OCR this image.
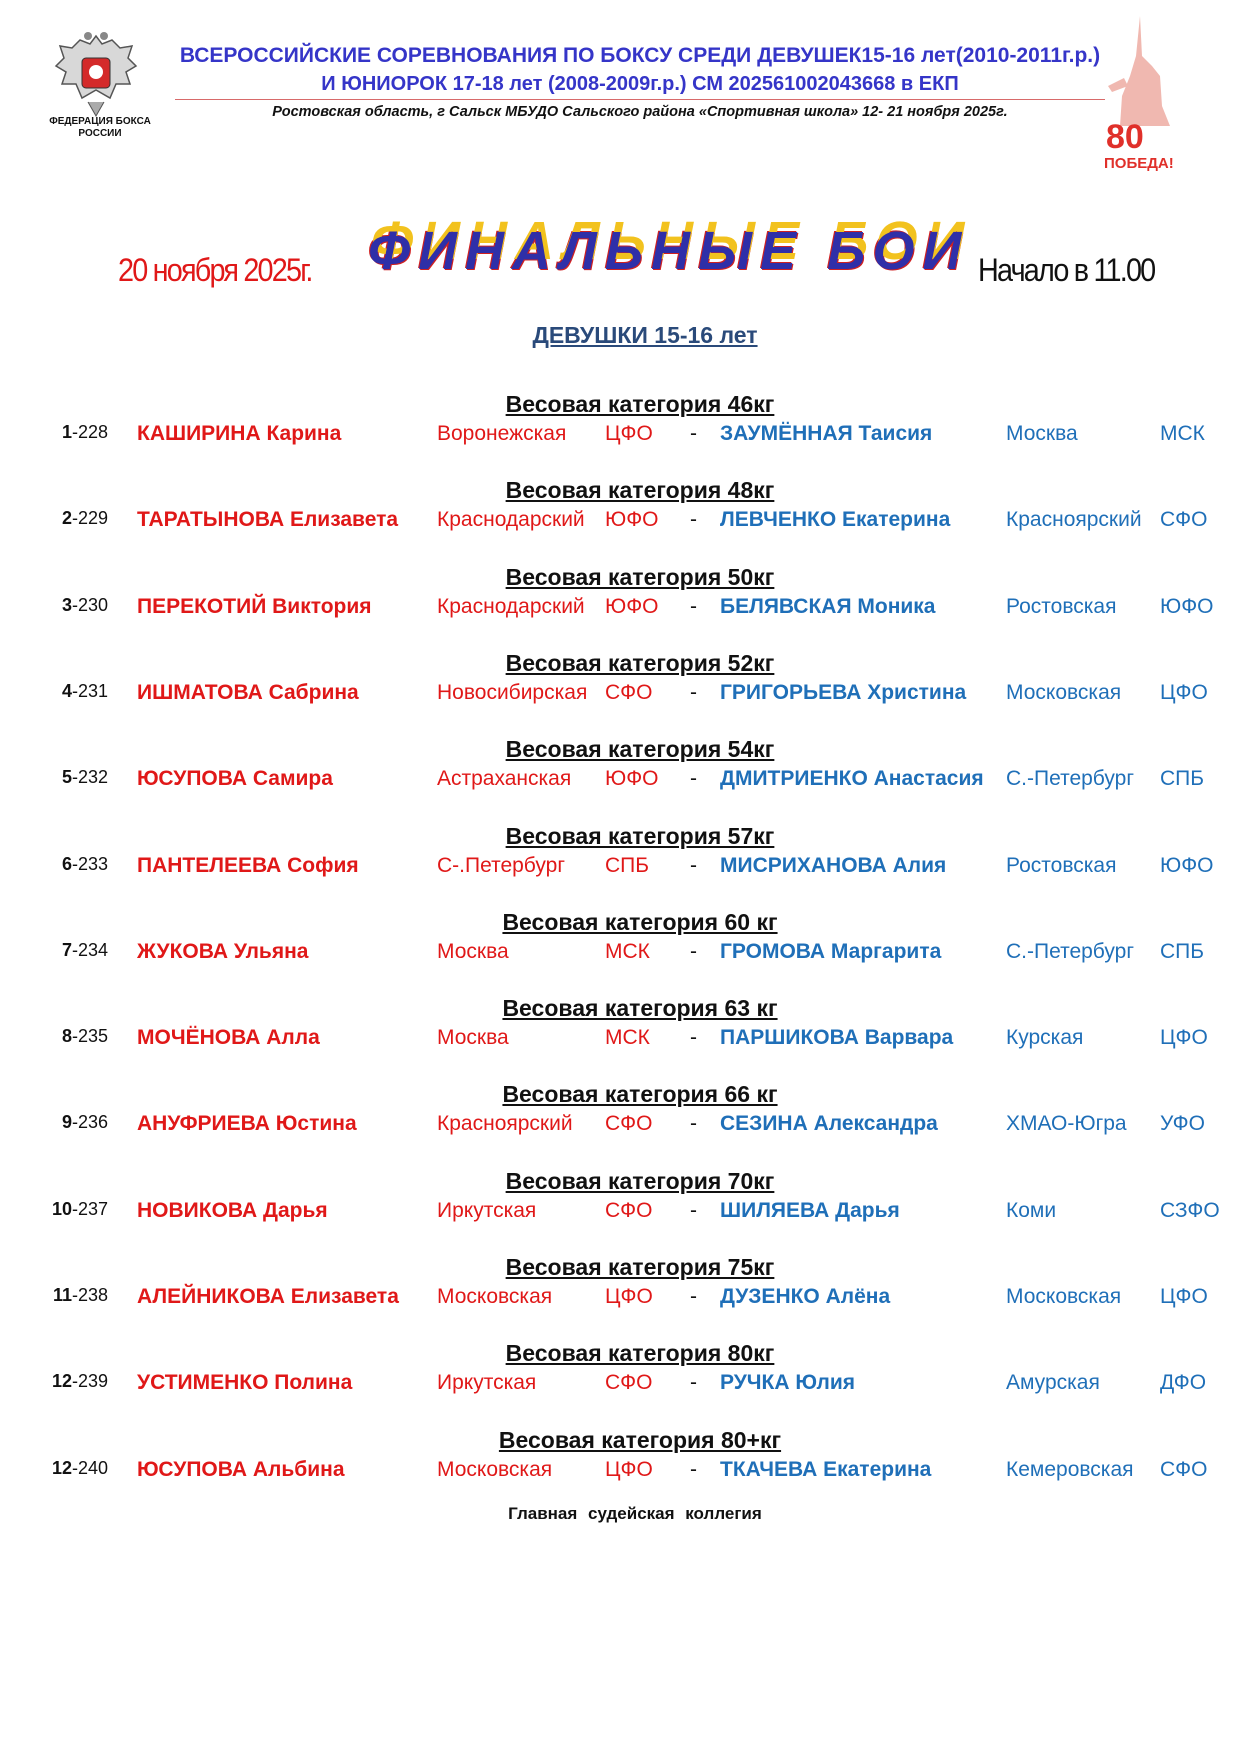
ФЕДЕРАЦИЯ БОКСА РОССИИ
ВСЕРОССИЙСКИЕ СОРЕВНОВАНИЯ ПО БОКСУ СРЕДИ ДЕВУШЕК15-16 лет(2010-2011г.р.)
И ЮНИОРОК 17-18 лет (2008-2009г.р.) СМ 202561002043668 в ЕКП
Ростовская область, г Сальск МБУДО Сальского района «Спортивная школа» 12- 21 ноября 2025г.
80
ПОБЕДА!
20 ноября 2025г. ФИНАЛЬНЫЕ БОИ Начало в 11.00
ДЕВУШКИ 15-16 лет
Весовая категория 46кг
1-228 КАШИРИНА Карина	Воронежская ЦФО - ЗАУМЁННАЯ Таисия	Москва	МСК
Весовая категория 48кг
2-229 ТАРАТЫНОВА Елизавета Краснодарский ЮФО - ЛЕВЧЕНКО Екатерина	Красноярский СФО
Весовая категория 50кг
3-230 ПЕРЕКОТИЙ Виктория	Краснодарский ЮФО - БЕЛЯВСКАЯ Моника	Ростовская ЮФО
Весовая категория 52кг
4-231 ИШМАТОВА Сабрина	Новосибирская СФО - ГРИГОРЬЕВА Христина Московская ЦФО
Весовая категория 54кг
5-232 ЮСУПОВА Самира	Астраханская ЮФО - ДМИТРИЕНКО Анастасия С.-Петербург СПБ
Весовая категория 57кг
6-233 ПАНТЕЛЕЕВА София	С-.Петербург СПБ - МИСРИХАНОВА Алия	Ростовская ЮФО
Весовая категория 60 кг
7-234 ЖУКОВА Ульяна	Москва	МСК - ГРОМОВА Маргарита	С.-Петербург СПБ
Весовая категория 63 кг
8-235 МОЧЁНОВА Алла	Москва	МСК - ПАРШИКОВА Варвара	Курская	ЦФО
Весовая категория 66 кг
9-236 АНУФРИЕВА Юстина	Красноярский СФО - СЕЗИНА Александра	ХМАО-Югра УФО
Весовая категория 70кг
10-237 НОВИКОВА Дарья	Иркутская	СФО - ШИЛЯЕВА Дарья	Коми	СЗФО
Весовая категория 75кг
11-238 АЛЕЙНИКОВА Елизавета Московская	ЦФО - ДУЗЕНКО Алёна	Московская ЦФО
Весовая категория 80кг
12-239 УСТИМЕНКО Полина	Иркутская	СФО - РУЧКА Юлия	Амурская	ДФО
Весовая категория 80+кг
12-240 ЮСУПОВА Альбина	Московская	ЦФО - ТКАЧЕВА Екатерина	Кемеровская СФО
Главная судейская коллегия
